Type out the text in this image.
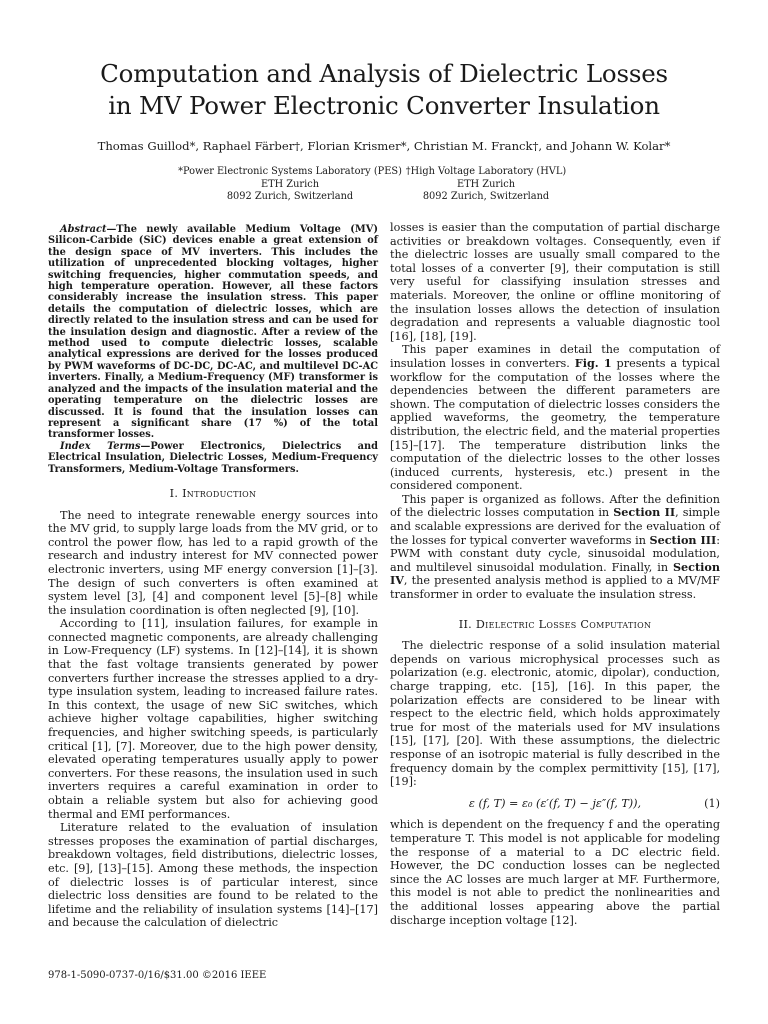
Computation and Analysis of Dielectric Losses
in MV Power Electronic Converter Insulation
Thomas Guillod*, Raphael Färber†, Florian Krismer*, Christian M. Franck†, and Johann W. Kolar*
*Power Electronic Systems Laboratory (PES)
ETH Zurich
8092 Zurich, Switzerland
†High Voltage Laboratory (HVL)
ETH Zurich
8092 Zurich, Switzerland

Abstract—The newly available Medium Voltage (MV) Silicon-Carbide (SiC) devices enable a great extension of the design space of MV inverters. This includes the utilization of unprecedented blocking voltages, higher switching frequencies, higher commutation speeds, and high temperature operation. However, all these factors considerably increase the insulation stress. This paper details the computation of dielectric losses, which are directly related to the insulation stress and can be used for the insulation design and diagnostic. After a review of the method used to compute dielectric losses, scalable analytical expressions are derived for the losses produced by PWM waveforms of DC-DC, DC-AC, and multilevel DC-AC inverters. Finally, a Medium-Frequency (MF) transformer is analyzed and the impacts of the insulation material and the operating temperature on the dielectric losses are discussed. It is found that the insulation losses can represent a significant share (17 %) of the total transformer losses.

Index Terms—Power Electronics, Dielectrics and Electrical Insulation, Dielectric Losses, Medium-Frequency Transformers, Medium-Voltage Transformers.

I. Introduction

The need to integrate renewable energy sources into the MV grid, to supply large loads from the MV grid, or to control the power flow, has led to a rapid growth of the research and industry interest for MV connected power electronic inverters, using MF energy conversion [1]–[3]. The design of such converters is often examined at system level [3], [4] and component level [5]–[8] while the insulation coordination is often neglected [9], [10].

According to [11], insulation failures, for example in connected magnetic components, are already challenging in Low-Frequency (LF) systems. In [12]–[14], it is shown that the fast voltage transients generated by power converters further increase the stresses applied to a dry-type insulation system, leading to increased failure rates. In this context, the usage of new SiC switches, which achieve higher voltage capabilities, higher switching frequencies, and higher switching speeds, is particularly critical [1], [7]. Moreover, due to the high power density, elevated operating temperatures usually apply to power converters. For these reasons, the insulation used in such inverters requires a careful examination in order to obtain a reliable system but also for achieving good thermal and EMI performances.

Literature related to the evaluation of insulation stresses proposes the examination of partial discharges, breakdown voltages, field distributions, dielectric losses, etc. [9], [13]–[15]. Among these methods, the inspection of dielectric losses is of particular interest, since dielectric loss densities are found to be related to the lifetime and the reliability of insulation systems [14]–[17] and because the calculation of dielectric

losses is easier than the computation of partial discharge activities or breakdown voltages. Consequently, even if the dielectric losses are usually small compared to the total losses of a converter [9], their computation is still very useful for classifying insulation stresses and materials. Moreover, the online or offline monitoring of the insulation losses allows the detection of insulation degradation and represents a valuable diagnostic tool [16], [18], [19].

This paper examines in detail the computation of insulation losses in converters. Fig. 1 presents a typical workflow for the computation of the losses where the dependencies between the different parameters are shown. The computation of dielectric losses considers the applied waveforms, the geometry, the temperature distribution, the electric field, and the material properties [15]–[17]. The temperature distribution links the computation of the dielectric losses to the other losses (induced currents, hysteresis, etc.) present in the considered component.

This paper is organized as follows. After the definition of the dielectric losses computation in Section II, simple and scalable expressions are derived for the evaluation of the losses for typical converter waveforms in Section III: PWM with constant duty cycle, sinusoidal modulation, and multilevel sinusoidal modulation. Finally, in Section IV, the presented analysis method is applied to a MV/MF transformer in order to evaluate the insulation stress.

II. Dielectric Losses Computation

The dielectric response of a solid insulation material depends on various microphysical processes such as polarization (e.g. electronic, atomic, dipolar), conduction, charge trapping, etc. [15], [16]. In this paper, the polarization effects are considered to be linear with respect to the electric field, which holds approximately true for most of the materials used for MV insulations [15], [17], [20]. With these assumptions, the dielectric response of an isotropic material is fully described in the frequency domain by the complex permittivity [15], [17], [19]:

ε (f, T) = ε₀ (ε′(f, T) − jε″(f, T)),	(1)

which is dependent on the frequency f and the operating temperature T. This model is not applicable for modeling the response of a material to a DC electric field. However, the DC conduction losses can be neglected since the AC losses are much larger at MF. Furthermore, this model is not able to predict the nonlinearities and the additional losses appearing above the partial discharge inception voltage [12].

978-1-5090-0737-0/16/$31.00 ©2016 IEEE
